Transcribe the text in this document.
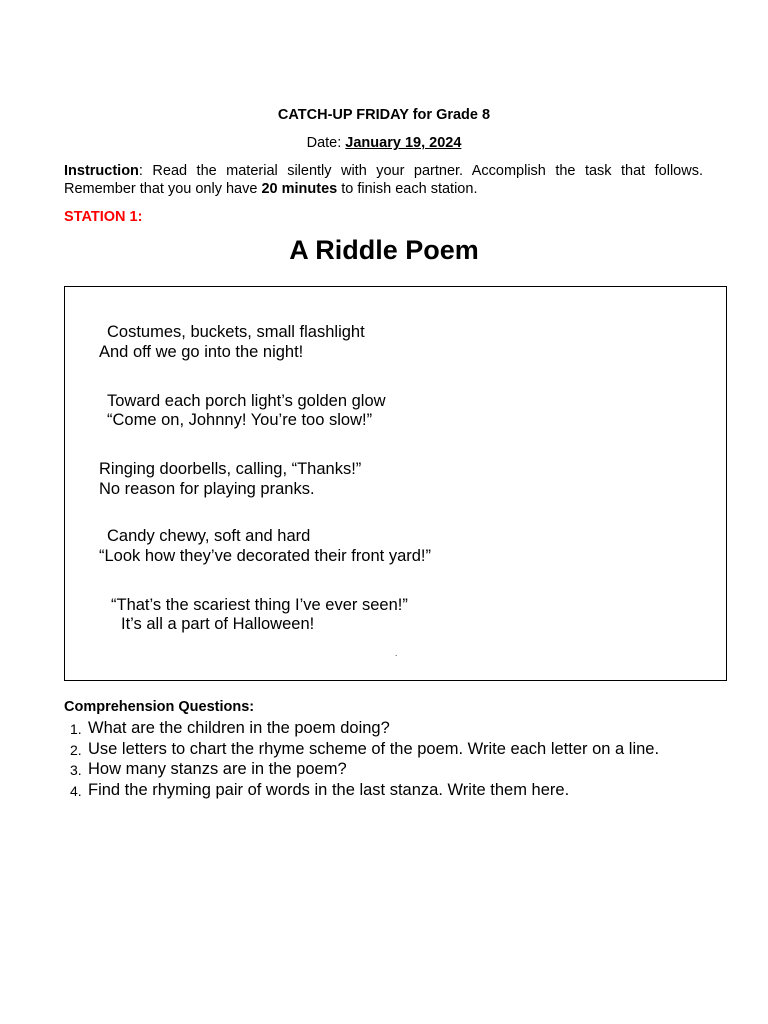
CATCH-UP FRIDAY for Grade 8
Date: January 19, 2024
Instruction: Read the material silently with your partner. Accomplish the task that follows. Remember that you only have 20 minutes to finish each station.
STATION 1:
A Riddle Poem
Costumes, buckets, small flashlight
And off we go into the night!
Toward each porch light’s golden glow
“Come on, Johnny! You’re too slow!”
Ringing doorbells, calling, “Thanks!”
No reason for playing pranks.
Candy chewy, soft and hard
“Look how they’ve decorated their front yard!”
“That’s the scariest thing I’ve ever seen!”
It’s all a part of Halloween!
.
Comprehension Questions:
1. What are the children in the poem doing?
2. Use letters to chart the rhyme scheme of the poem. Write each letter on a line.
3. How many stanzs are in the poem?
4. Find the rhyming pair of words in the last stanza. Write them here.
